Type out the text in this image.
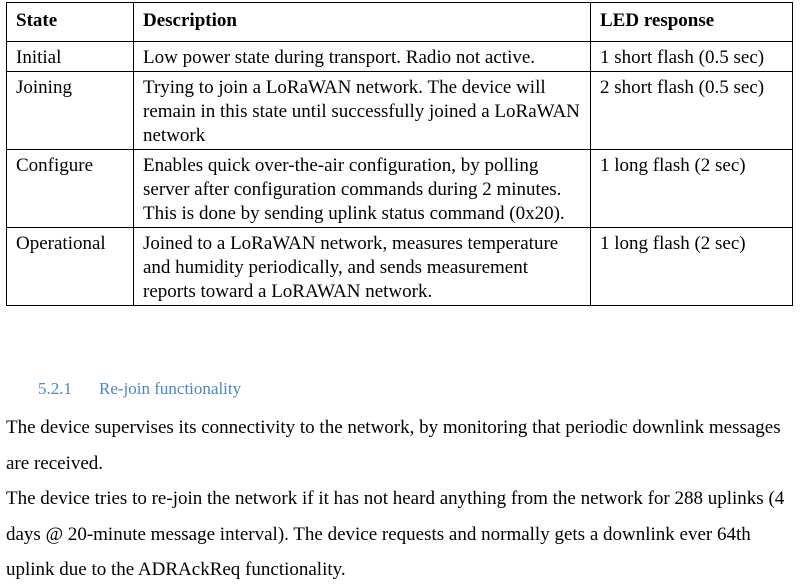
State	Description	LED response
Initial	Low power state during transport. Radio not active.	1 short flash (0.5 sec)
Joining	Trying to join a LoRaWAN network. The device will remain in this state until successfully joined a LoRaWAN network	2 short flash (0.5 sec)
Configure	Enables quick over-the-air configuration, by polling server after configuration commands during 2 minutes. This is done by sending uplink status command (0x20).	1 long flash (2 sec)
Operational	Joined to a LoRaWAN network, measures temperature and humidity periodically, and sends measurement reports toward a LoRAWAN network.	1 long flash (2 sec)
5.2.1 Re-join functionality

The device supervises its connectivity to the network, by monitoring that periodic downlink messages are received.

The device tries to re-join the network if it has not heard anything from the network for 288 uplinks (4 days @ 20-minute message interval). The device requests and normally gets a downlink ever 64th uplink due to the ADRAckReq functionality.
